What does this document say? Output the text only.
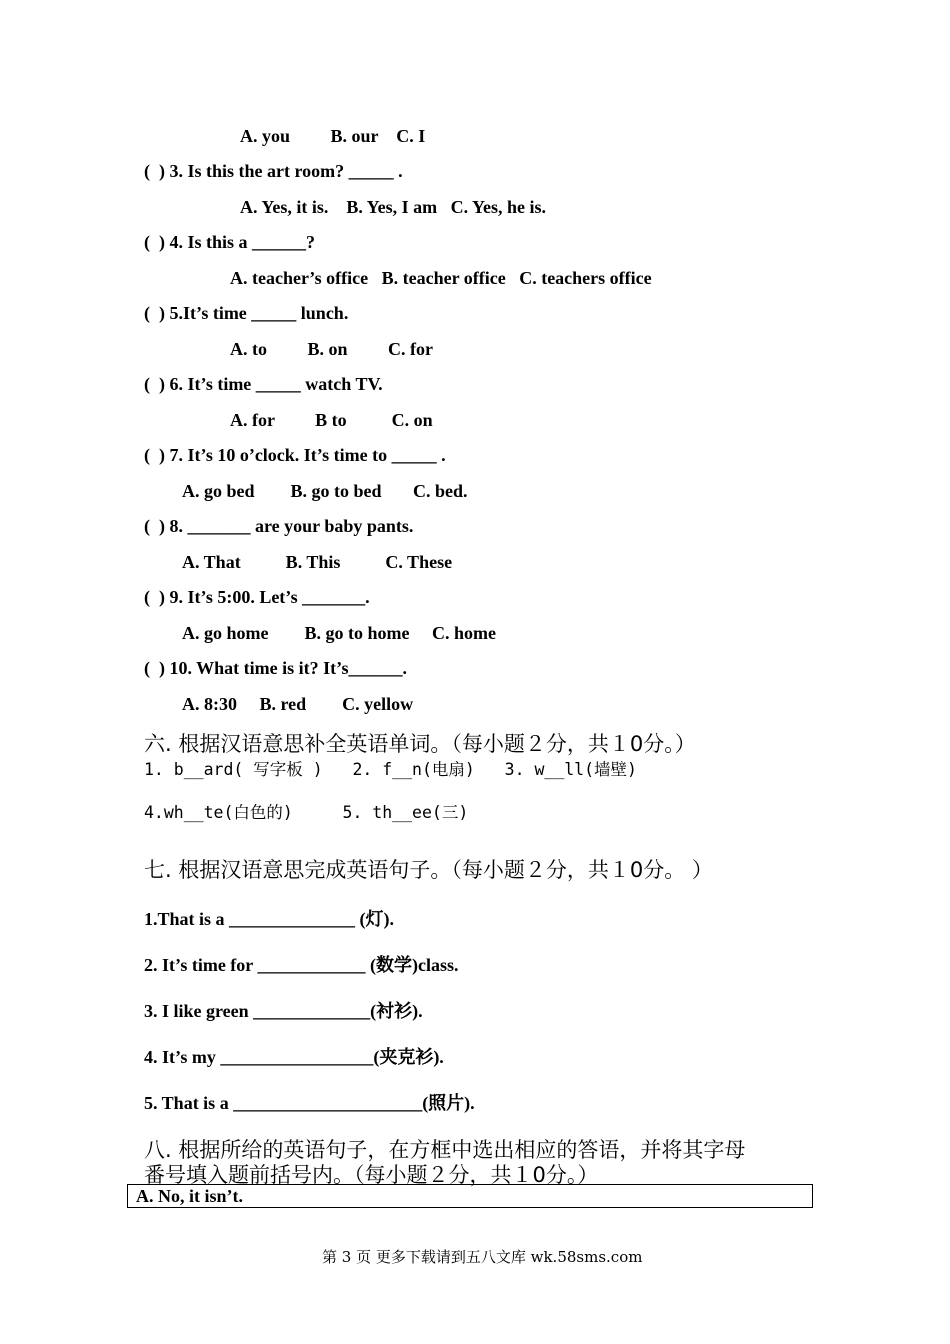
A. you         B. our    C. I
(  ) 3. Is this the art room? _____ .
A. Yes, it is.    B. Yes, I am   C. Yes, he is.
(  ) 4. Is this a ______?
A. teacher’s office   B. teacher office   C. teachers office
(  ) 5.It’s time _____ lunch.
A. to         B. on         C. for
(  ) 6. It’s time _____ watch TV.
A. for         B to          C. on
(  ) 7. It’s 10 o’clock. It’s time to _____ .
A. go bed        B. go to bed       C. bed.
(  ) 8. _______ are your baby pants.
A. That          B. This          C. These
(  ) 9. It’s 5:00. Let’s _______.
A. go home        B. go to home     C. home
(  ) 10. What time is it? It’s______.
A. 8:30     B. red        C. yellow
六. 根据汉语意思补全英语单词。（每小题２分，共１0分。）
1. b__ard( 写字板 )   2. f__n(电扇)   3. w__ll(墙壁)
4.wh__te(白色的)     5. th__ee(三)
七. 根据汉语意思完成英语句子。（每小题２分，共１0分。 ）
1.That is a ______________ (灯).
2. It’s time for ____________ (数学)class.
3. I like green _____________(衬衫).
4. It’s my _________________(夹克衫).
5. That is a _____________________(照片).
八. 根据所给的英语句子，在方框中选出相应的答语，并将其字母
番号填入题前括号内。（每小题２分，共１0分。）
A. No, it isn’t.
第 3 页 更多下载请到五八文库 wk.58sms.com
